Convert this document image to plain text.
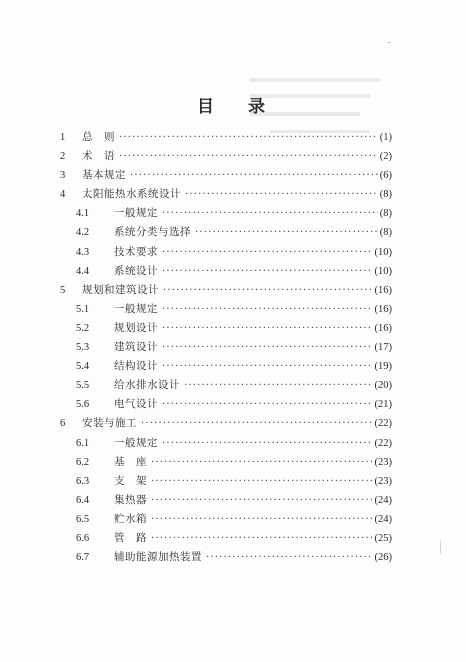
目 录
1	总　则 ·····	(1)
2	术　语 ·····	(2)
3	基本规定 ·····	(6)
4	太阳能热水系统设计 ·····	(8)
4.1	一般规定 ·····	(8)
4.2	系统分类与选择 ·····	(8)
4.3	技术要求 ·····	(10)
4.4	系统设计 ·····	(10)
5	规划和建筑设计 ·····	(16)
5.1	一般规定 ·····	(16)
5.2	规划设计 ·····	(16)
5.3	建筑设计 ·····	(17)
5.4	结构设计 ·····	(19)
5.5	给水排水设计 ·····	(20)
5.6	电气设计 ·····	(21)
6	安装与施工 ·····	(22)
6.1	一般规定 ·····	(22)
6.2	基　座 ·····	(23)
6.3	支　架 ·····	(23)
6.4	集热器 ·····	(24)
6.5	贮水箱 ·····	(24)
6.6	管　路 ·····	(25)
6.7	辅助能源加热装置 ·····	(26)
